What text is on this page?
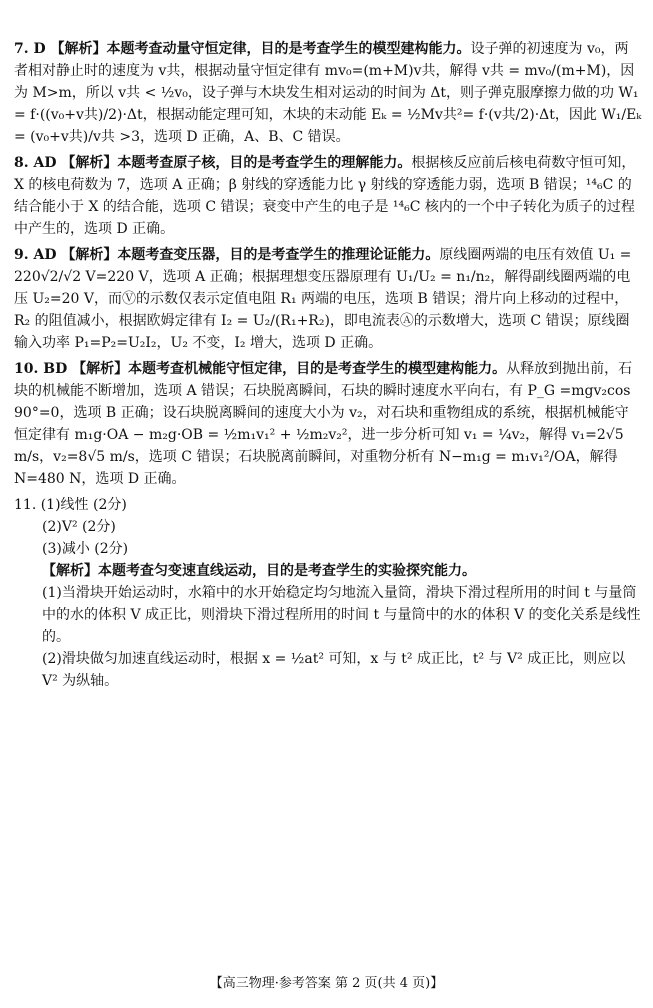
7. D 【解析】本题考查动量守恒定律，目的是考查学生的模型建构能力。设子弹的初速度为 v₀，两者相对静止时的速度为 v共，根据动量守恒定律有 mv₀=(m+M)v共，解得 v共 = mv₀/(m+M)，因为 M>m，所以 v共 < ½v₀，设子弹与木块发生相对运动的时间为 Δt，则子弹克服摩擦力做的功 W₁ = f·((v₀+v共)/2)·Δt，根据动能定理可知，木块的末动能 Eₖ = ½Mv共²= f·(v共/2)·Δt，因此 W₁/Eₖ = (v₀+v共)/v共 >3，选项 D 正确，A、B、C 错误。

8. AD 【解析】本题考查原子核，目的是考查学生的理解能力。根据核反应前后核电荷数守恒可知，X 的核电荷数为 7，选项 A 正确；β 射线的穿透能力比 γ 射线的穿透能力弱，选项 B 错误；¹⁴₆C 的结合能小于 X 的结合能，选项 C 错误；衰变中产生的电子是 ¹⁴₆C 核内的一个中子转化为质子的过程中产生的，选项 D 正确。

9. AD 【解析】本题考查变压器，目的是考查学生的推理论证能力。原线圈两端的电压有效值 U₁ = 220√2/√2 V=220 V，选项 A 正确；根据理想变压器原理有 U₁/U₂ = n₁/n₂，解得副线圈两端的电压 U₂=20 V，而Ⓥ的示数仅表示定值电阻 R₁ 两端的电压，选项 B 错误；滑片向上移动的过程中，R₂ 的阻值减小，根据欧姆定律有 I₂ = U₂/(R₁+R₂)，即电流表Ⓐ的示数增大，选项 C 错误；原线圈输入功率 P₁=P₂=U₂I₂，U₂ 不变，I₂ 增大，选项 D 正确。

10. BD 【解析】本题考查机械能守恒定律，目的是考查学生的模型建构能力。从释放到抛出前，石块的机械能不断增加，选项 A 错误；石块脱离瞬间，石块的瞬时速度水平向右，有 P_G =mgv₂cos 90°=0，选项 B 正确；设石块脱离瞬间的速度大小为 v₂，对石块和重物组成的系统，根据机械能守恒定律有 m₁g·OA − m₂g·OB = ½m₁v₁² + ½m₂v₂²，进一步分析可知 v₁ = ¼v₂，解得 v₁=2√5 m/s，v₂=8√5 m/s，选项 C 错误；石块脱离前瞬间，对重物分析有 N−m₁g = m₁v₁²/OA，解得 N=480 N，选项 D 正确。

11. (1)线性 (2分)

(2)V² (2分)

(3)减小 (2分)

【解析】本题考查匀变速直线运动，目的是考查学生的实验探究能力。

(1)当滑块开始运动时，水箱中的水开始稳定均匀地流入量筒，滑块下滑过程所用的时间 t 与量筒中的水的体积 V 成正比，则滑块下滑过程所用的时间 t 与量筒中的水的体积 V 的变化关系是线性的。

(2)滑块做匀加速直线运动时，根据 x = ½at² 可知，x 与 t² 成正比，t² 与 V² 成正比，则应以 V² 为纵轴。

【高三物理·参考答案 第 2 页(共 4 页)】
